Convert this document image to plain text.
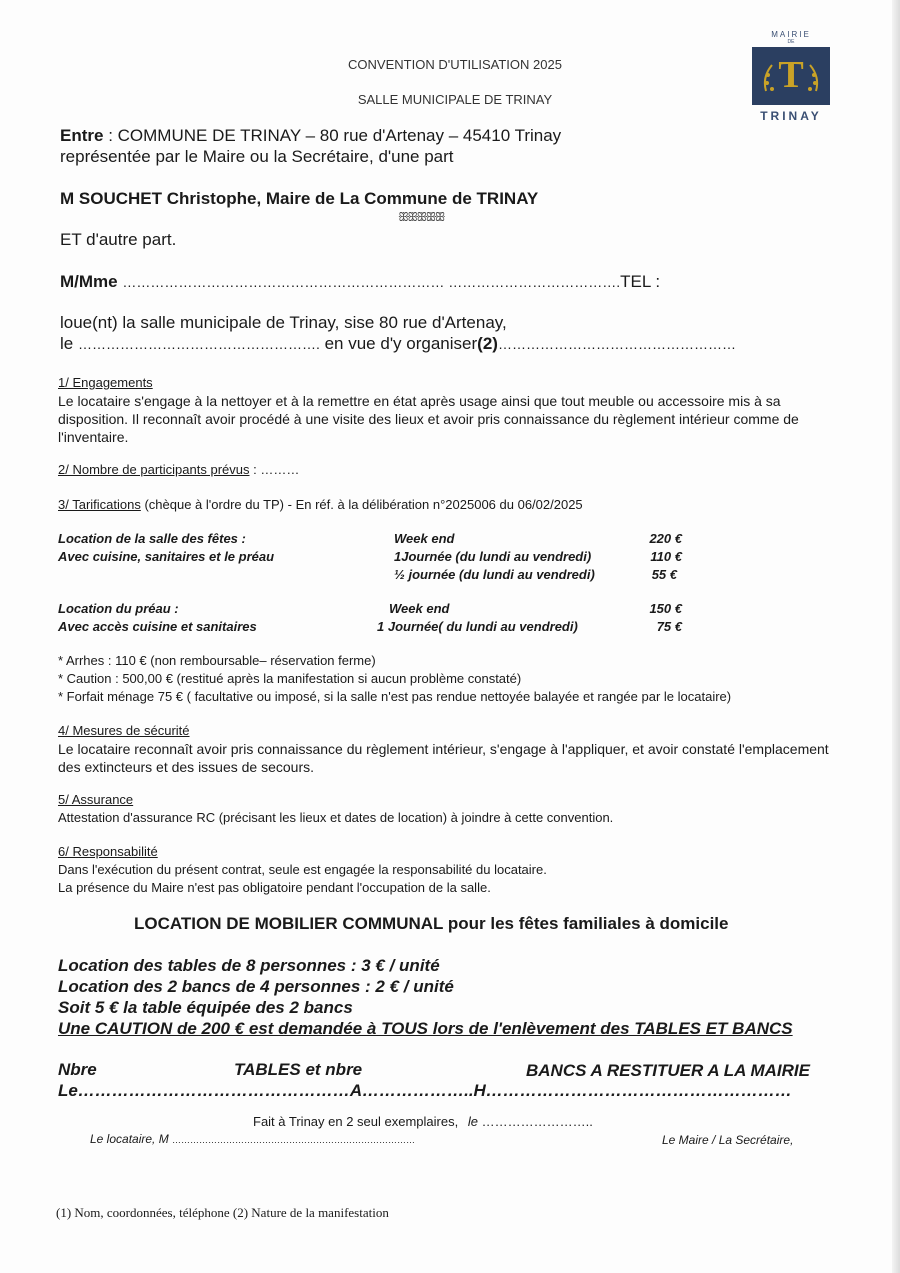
MAIRIE
DE
T
TRINAY
CONVENTION D'UTILISATION 2025
SALLE MUNICIPALE DE TRINAY
Entre : COMMUNE DE TRINAY – 80 rue d'Artenay – 45410 Trinay
représentée par le Maire ou la Secrétaire, d'une part
M SOUCHET Christophe, Maire de La Commune de TRINAY
ꕥꕥꕥꕥꕥ
ET d'autre part.
M/Mme …………………………………………………………… ……………………………….TEL :
loue(nt) la salle municipale de Trinay, sise 80 rue d'Artenay,
le ……………………………………………. en vue d'y organiser(2)……………………………………………
1/ Engagements
Le locataire s'engage à la nettoyer et à la remettre en état après usage ainsi que tout meuble ou accessoire mis à sa disposition. Il reconnaît avoir procédé à une visite des lieux et avoir pris connaissance du règlement intérieur comme de l'inventaire.
2/ Nombre de participants prévus : ………
3/ Tarifications (chèque à l'ordre du TP) - En réf. à la délibération n°2025006 du 06/02/2025
Location de la salle des fêtes :
Avec cuisine, sanitaires et le préau
Week end	220 €
1Journée (du lundi au vendredi)	110 €
½ journée (du lundi au vendredi)	55 €
Location du préau :
Avec accès cuisine et sanitaires
Week end	150 €
1 Journée( du lundi au vendredi)	75 €
* Arrhes : 110 € (non remboursable– réservation ferme)
* Caution : 500,00 € (restitué après la manifestation si aucun problème constaté)
* Forfait ménage 75 € ( facultative ou imposé, si la salle n'est pas rendue nettoyée balayée et rangée par le locataire)
4/ Mesures de sécurité
Le locataire reconnaît avoir pris connaissance du règlement intérieur, s'engage à l'appliquer, et avoir constaté l'emplacement des extincteurs et des issues de secours.
5/ Assurance
Attestation d'assurance RC (précisant les lieux et dates de location) à joindre à cette convention.
6/ Responsabilité
Dans l'exécution du présent contrat, seule est engagée la responsabilité du locataire.
La présence du Maire n'est pas obligatoire pendant l'occupation de la salle.
LOCATION DE MOBILIER COMMUNAL pour les fêtes familiales à domicile
Location des tables de 8 personnes : 3 € / unité
Location des 2 bancs de 4 personnes : 2 € / unité
Soit 5 € la table équipée des 2 bancs
Une CAUTION de 200 € est demandée à TOUS lors de l'enlèvement des TABLES ET BANCS
Nbre	TABLES et nbre	BANCS A RESTITUER A LA MAIRIE
Le…………………………………………A………………..H………………………………………………
Fait à Trinay en 2 seul exemplaires, le ……………………..
Le locataire, M ………………………………………………………………………	Le Maire / La Secrétaire,
(1) Nom, coordonnées, téléphone (2) Nature de la manifestation
